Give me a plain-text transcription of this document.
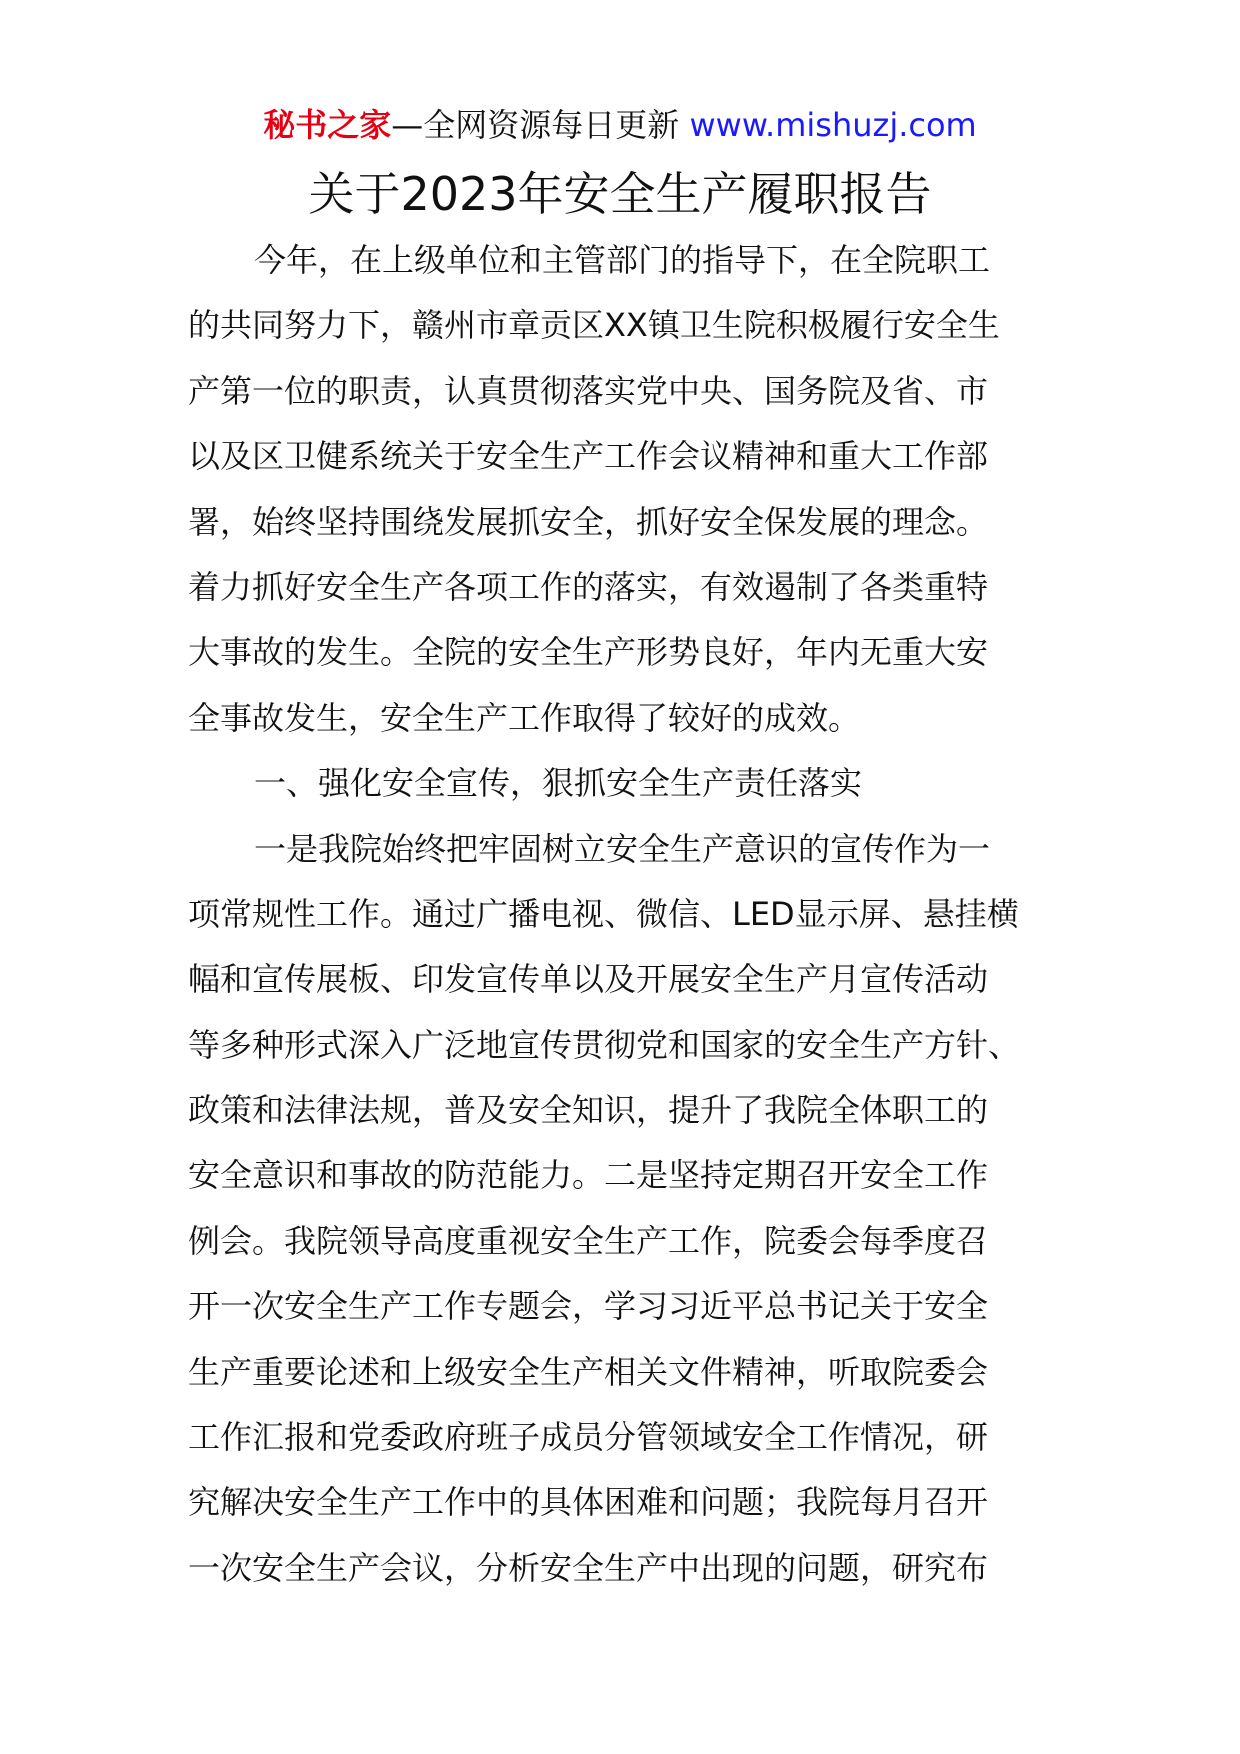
秘书之家—全网资源每日更新 www.mishuzj.com
关于2023年安全生产履职报告
今年，在上级单位和主管部门的指导下，在全院职工
的共同努力下，赣州市章贡区XX镇卫生院积极履行安全生
产第一位的职责，认真贯彻落实党中央、国务院及省、市
以及区卫健系统关于安全生产工作会议精神和重大工作部
署，始终坚持围绕发展抓安全，抓好安全保发展的理念。
着力抓好安全生产各项工作的落实，有效遏制了各类重特
大事故的发生。全院的安全生产形势良好，年内无重大安
全事故发生，安全生产工作取得了较好的成效。
一、强化安全宣传，狠抓安全生产责任落实
一是我院始终把牢固树立安全生产意识的宣传作为一
项常规性工作。通过广播电视、微信、LED显示屏、悬挂横
幅和宣传展板、印发宣传单以及开展安全生产月宣传活动
等多种形式深入广泛地宣传贯彻党和国家的安全生产方针、
政策和法律法规，普及安全知识，提升了我院全体职工的
安全意识和事故的防范能力。二是坚持定期召开安全工作
例会。我院领导高度重视安全生产工作，院委会每季度召
开一次安全生产工作专题会，学习习近平总书记关于安全
生产重要论述和上级安全生产相关文件精神，听取院委会
工作汇报和党委政府班子成员分管领域安全工作情况，研
究解决安全生产工作中的具体困难和问题；我院每月召开
一次安全生产会议，分析安全生产中出现的问题，研究布
